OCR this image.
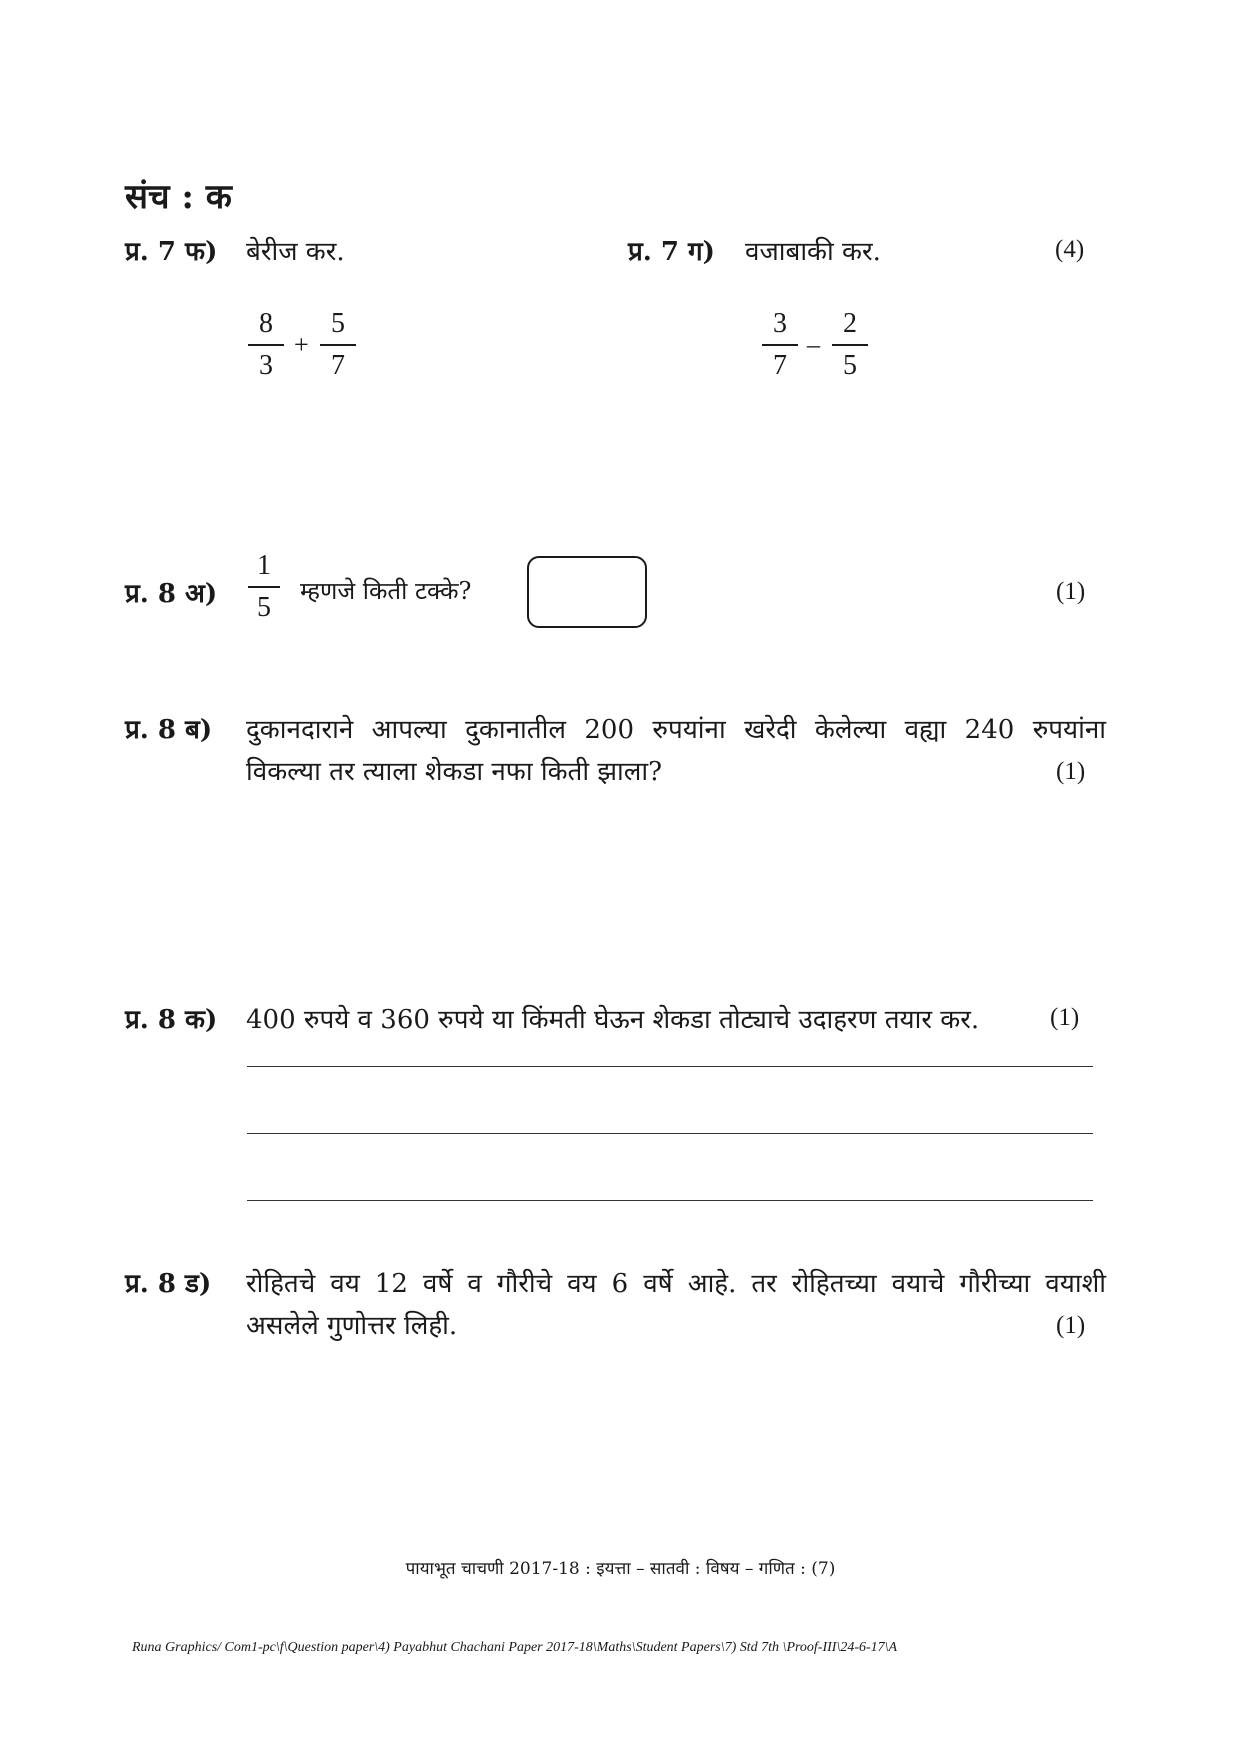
संच : क
प्र. 7 फ) बेरीज कर.
8
3
+
5
7
प्र. 7 ग) वजाबाकी कर.	(4)
3
7
–
2
5
प्र. 8 अ)
1
5
म्हणजे किती टक्के?	(1)
प्र. 8 ब) दुकानदाराने आपल्या दुकानातील 200 रुपयांना खरेदी केलेल्या वह्या 240 रुपयांना
विकल्या तर त्याला शेकडा नफा किती झाला?	(1)
प्र. 8 क) 400 रुपये व 360 रुपये या किंमती घेऊन शेकडा तोट्याचे उदाहरण तयार कर.	(1)
प्र. 8 ड) रोहितचे वय 12 वर्षे व गौरीचे वय 6 वर्षे आहे. तर रोहितच्या वयाचे गौरीच्या वयाशी
असलेले गुणोत्तर लिही.	(1)
पायाभूत चाचणी 2017-18 : इयत्ता – सातवी : विषय – गणित : (7)
Runa Graphics/ Com1-pc\f\Question paper\4) Payabhut Chachani Paper 2017-18\Maths\Student Papers\7) Std 7th \Proof-III\24-6-17\A
